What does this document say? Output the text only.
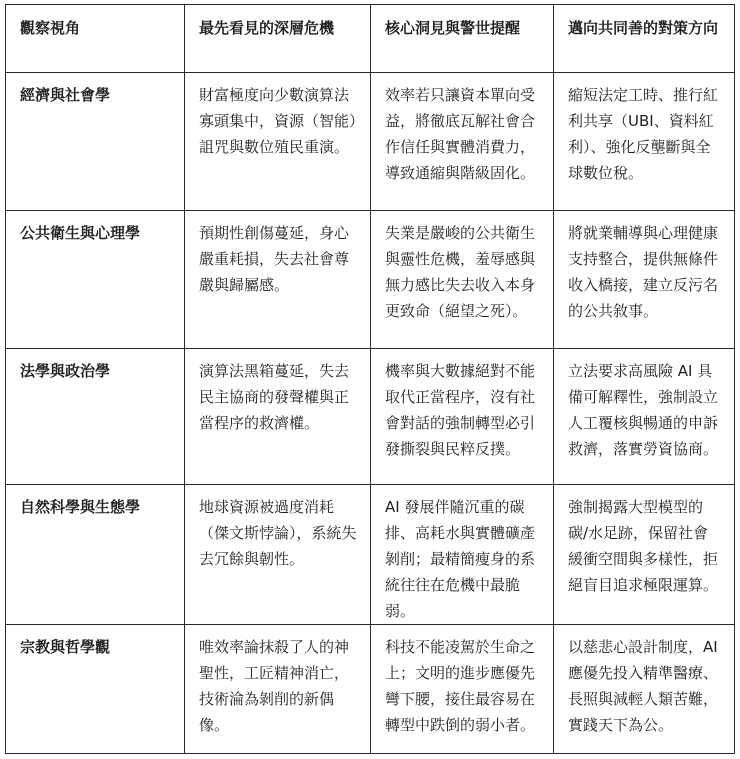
觀察視角	最先看見的深層危機	核心洞見與警世提醒	邁向共同善的對策方向
經濟與社會學	財富極度向少數演算法寡頭集中，資源（智能）詛咒與數位殖民重演。	效率若只讓資本單向受益，將徹底瓦解社會合作信任與實體消費力，導致通縮與階級固化。	縮短法定工時、推行紅利共享（UBI、資料紅利）、強化反壟斷與全球數位稅。
公共衛生與心理學	預期性創傷蔓延，身心嚴重耗損，失去社會尊嚴與歸屬感。	失業是嚴峻的公共衛生與靈性危機，羞辱感與無力感比失去收入本身更致命（絕望之死）。	將就業輔導與心理健康支持整合，提供無條件收入橋接，建立反污名的公共敘事。
法學與政治學	演算法黑箱蔓延，失去民主協商的發聲權與正當程序的救濟權。	機率與大數據絕對不能取代正當程序，沒有社會對話的強制轉型必引發撕裂與民粹反撲。	立法要求高風險 AI 具備可解釋性，強制設立人工覆核與暢通的申訴救濟，落實勞資協商。
自然科學與生態學	地球資源被過度消耗（傑文斯悖論），系統失去冗餘與韌性。	AI 發展伴隨沉重的碳排、高耗水與實體礦產剝削；最精簡瘦身的系統往往在危機中最脆弱。	強制揭露大型模型的碳/水足跡，保留社會緩衝空間與多樣性，拒絕盲目追求極限運算。
宗教與哲學觀	唯效率論抹殺了人的神聖性，工匠精神消亡，技術淪為剝削的新偶像。	科技不能凌駕於生命之上；文明的進步應優先彎下腰，接住最容易在轉型中跌倒的弱小者。	以慈悲心設計制度，AI 應優先投入精準醫療、長照與減輕人類苦難，實踐天下為公。
